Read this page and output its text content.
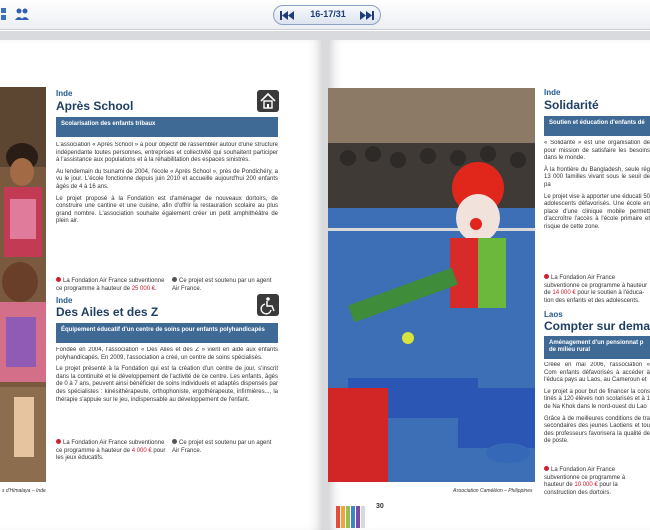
16-17/31
s d'Himalaya – Inde
Inde
Après School
Scolarisation des enfants tribaux

L'association « Après School » a pour objectif de rassembler autour d'une structure indépendante toutes personnes, entreprises et collectivité qui souhaitent participer à l'assistance aux populations et à la réhabilitation des espaces sinistrés.

Au lendemain du tsunami de 2004, l'école « Après School », près de Pondichéry, a vu le jour. L'école fonctionne depuis juin 2010 et accueille aujourd'hui 200 enfants âgés de 4 à 16 ans.

Le projet proposé à la Fondation est d'aménager de nouveaux dortoirs, de construire une cantine et une cuisine, afin d'offrir la restauration scolaire au plus grand nombre. L'association souhaite également créer un petit amphithéâtre de plein air.

La Fondation Air France subventionne ce programme à hauteur de 25 000 €.
Ce projet est soutenu par un agent Air France.
Inde
Des Ailes et des Z
Équipement éducatif d'un centre de soins pour enfants polyhandicapés

Fondée en 2004, l'association « Des Ailes et des Z » vient en aide aux enfants polyhandicapés. En 2009, l'association a créé, un centre de soins spécialisés.

Le projet présenté à la Fondation qui est la création d'un centre de jour, s'inscrit dans la continuité et le développement de l'activité de ce centre. Les enfants, âgés de 0 à 7 ans, peuvent ainsi bénéficier de soins individuels et adaptés dispensés par des spécialistes : kinésithérapeute, orthophoniste, ergothérapeute, infirmières..., la thérapie s'appuie sur le jeu, indispensable au développement de l'enfant.

La Fondation Air France subventionne ce programme à hauteur de 4 000 € pour les jeux éducatifs.
Ce projet est soutenu par un agent Air France.
Association Caméléon – Philippines
30
Inde
Solidarité
Soutien et éducation d'enfants dé

« Solidarité » est une organisation de pour mission de satisfaire les besoins dans le monde.

À la frontière du Bangladesh, seule rég 13 000 familles vivant sous le seuil de pa

Le projet vise à apporter une éducati 50 adolescents défavorisés. Une école en place d'une clinique mobile permett d'accroître l'accès à l'école primaire et risque de cette zone.

La Fondation Air France subventionne ce programme à hauteur de 14 000 € pour le soutien à l'éduca-tion des enfants et des adolescents.
Laos
Compter sur dema
Aménagement d'un pensionnat p
de milieu rural

Créée en mai 2006, l'association « Com enfants défavorisés à accéder à l'éduca pays au Laos, au Cameroun et

Le projet a pour but de financer la cons tinés à 120 élèves non scolarisés et à 1 de Na Khok dans le nord-ouest du Lao

Grâce à de meilleures conditions de tra secondaires des jeunes Laotiens et tou des professeurs favorisera la qualité de de poste.

La Fondation Air France subventionne ce programme à hauteur de 10 000 € pour la construction des dortoirs.
